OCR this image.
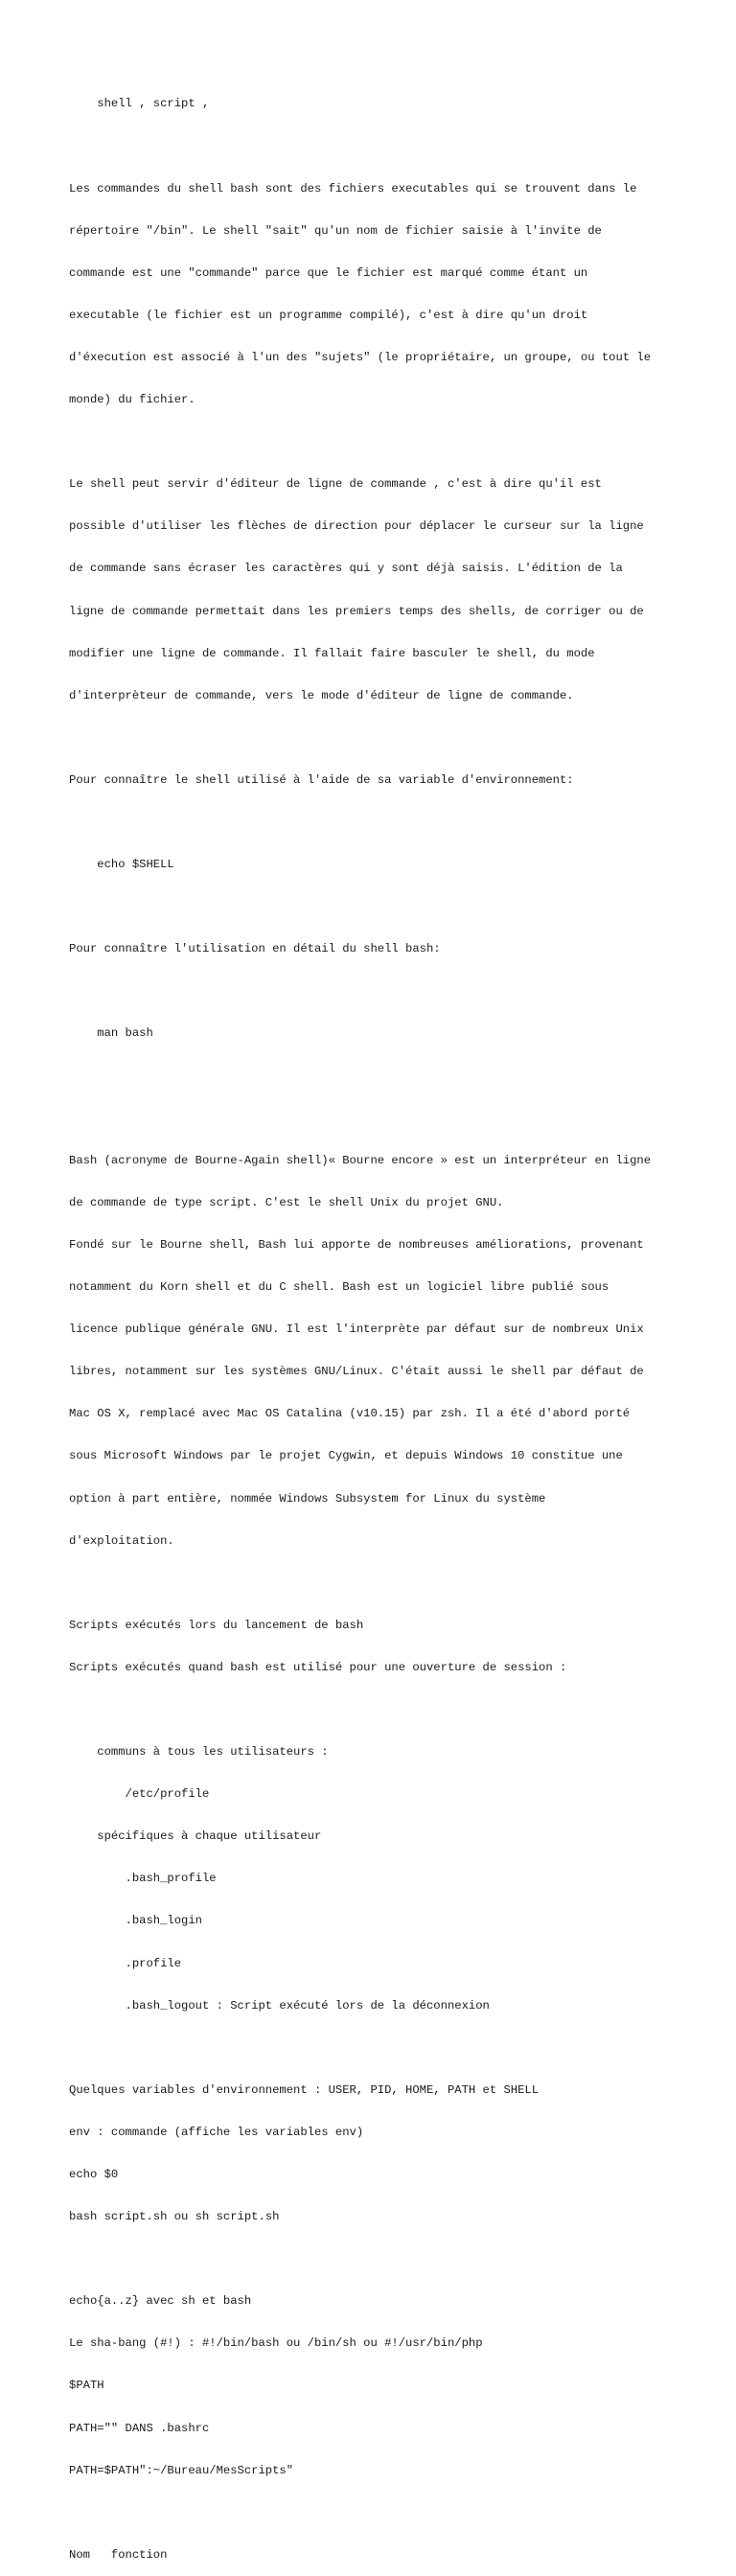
shell , script ,

Les commandes du shell bash sont des fichiers executables qui se trouvent dans le

répertoire "/bin". Le shell "sait" qu'un nom de fichier saisie à l'invite de

commande est une "commande" parce que le fichier est marqué comme étant un

executable (le fichier est un programme compilé), c'est à dire qu'un droit

d'éxecution est associé à l'un des "sujets" (le propriétaire, un groupe, ou tout le

monde) du fichier.

Le shell peut servir d'éditeur de ligne de commande , c'est à dire qu'il est

possible d'utiliser les flèches de direction pour déplacer le curseur sur la ligne

de commande sans écraser les caractères qui y sont déjà saisis. L'édition de la

ligne de commande permettait dans les premiers temps des shells, de corriger ou de

modifier une ligne de commande. Il fallait faire basculer le shell, du mode

d'interprèteur de commande, vers le mode d'éditeur de ligne de commande.

Pour connaître le shell utilisé à l'aide de sa variable d'environnement:

echo $SHELL

Pour connaître l'utilisation en détail du shell bash:

man bash

Bash (acronyme de Bourne-Again shell)« Bourne encore » est un interpréteur en ligne

de commande de type script. C'est le shell Unix du projet GNU.

Fondé sur le Bourne shell, Bash lui apporte de nombreuses améliorations, provenant

notamment du Korn shell et du C shell. Bash est un logiciel libre publié sous

licence publique générale GNU. Il est l'interprète par défaut sur de nombreux Unix

libres, notamment sur les systèmes GNU/Linux. C'était aussi le shell par défaut de

Mac OS X, remplacé avec Mac OS Catalina (v10.15) par zsh. Il a été d'abord porté

sous Microsoft Windows par le projet Cygwin, et depuis Windows 10 constitue une

option à part entière, nommée Windows Subsystem for Linux du système

d'exploitation.

Scripts exécutés lors du lancement de bash

Scripts exécutés quand bash est utilisé pour une ouverture de session :

communs à tous les utilisateurs :

/etc/profile

spécifiques à chaque utilisateur

.bash_profile

.bash_login

.profile

.bash_logout : Script exécuté lors de la déconnexion

Quelques variables d'environnement : USER, PID, HOME, PATH et SHELL

env : commande (affiche les variables env)

echo $0

bash script.sh ou sh script.sh

echo{a..z} avec sh et bash

Le sha-bang (#!) : #!/bin/bash ou /bin/sh ou #!/usr/bin/php

$PATH

PATH="" DANS .bashrc

PATH=$PATH":~/Bureau/MesScripts"

Nom   fonction
